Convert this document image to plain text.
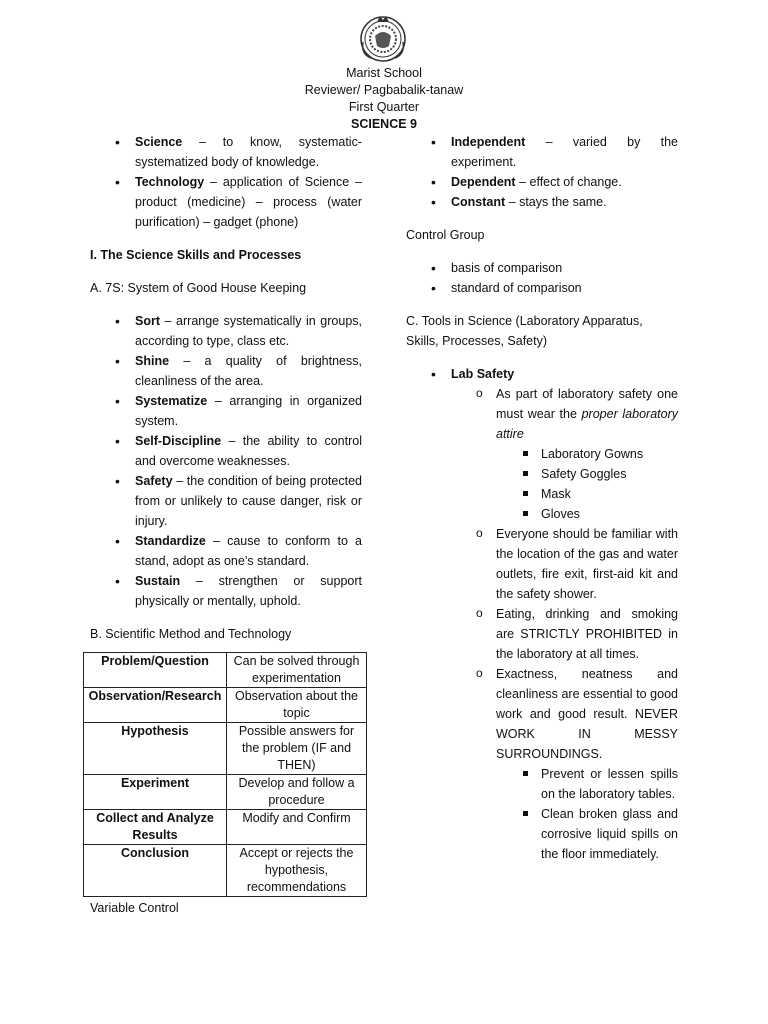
Marist School
Reviewer/ Pagbabalik-tanaw
First Quarter
SCIENCE 9
• Science – to know, systematic-systematized body of knowledge.
• Technology – application of Science – product (medicine) – process (water purification) – gadget (phone)

I. The Science Skills and Processes

A. 7S: System of Good House Keeping

• Sort – arrange systematically in groups, according to type, class etc.
• Shine – a quality of brightness, cleanliness of the area.
• Systematize – arranging in organized system.
• Self-Discipline – the ability to control and overcome weaknesses.
• Safety – the condition of being protected from or unlikely to cause danger, risk or injury.
• Standardize – cause to conform to a stand, adopt as one’s standard.
• Sustain – strengthen or support physically or mentally, uphold.

B. Scientific Method and Technology

Problem/Question	Can be solved through experimentation
Observation/Research	Observation about the topic
Hypothesis	Possible answers for the problem (IF and THEN)
Experiment	Develop and follow a procedure
Collect and Analyze Results	Modify and Confirm
Conclusion	Accept or rejects the hypothesis, recommendations

Variable Control

• Independent – varied by the experiment.
• Dependent – effect of change.
• Constant – stays the same.

Control Group

• basis of comparison
• standard of comparison

C. Tools in Science (Laboratory Apparatus, Skills, Processes, Safety)

• Lab Safety
o As part of laboratory safety one must wear the proper laboratory attire
Laboratory Gowns
Safety Goggles
Mask
Gloves
o Everyone should be familiar with the location of the gas and water outlets, fire exit, first-aid kit and the safety shower.
o Eating, drinking and smoking are STRICTLY PROHIBITED in the laboratory at all times.
o Exactness, neatness and cleanliness are essential to good work and good result. NEVER WORK IN MESSY SURROUNDINGS.
Prevent or lessen spills on the laboratory tables.
Clean broken glass and corrosive liquid spills on the floor immediately.
